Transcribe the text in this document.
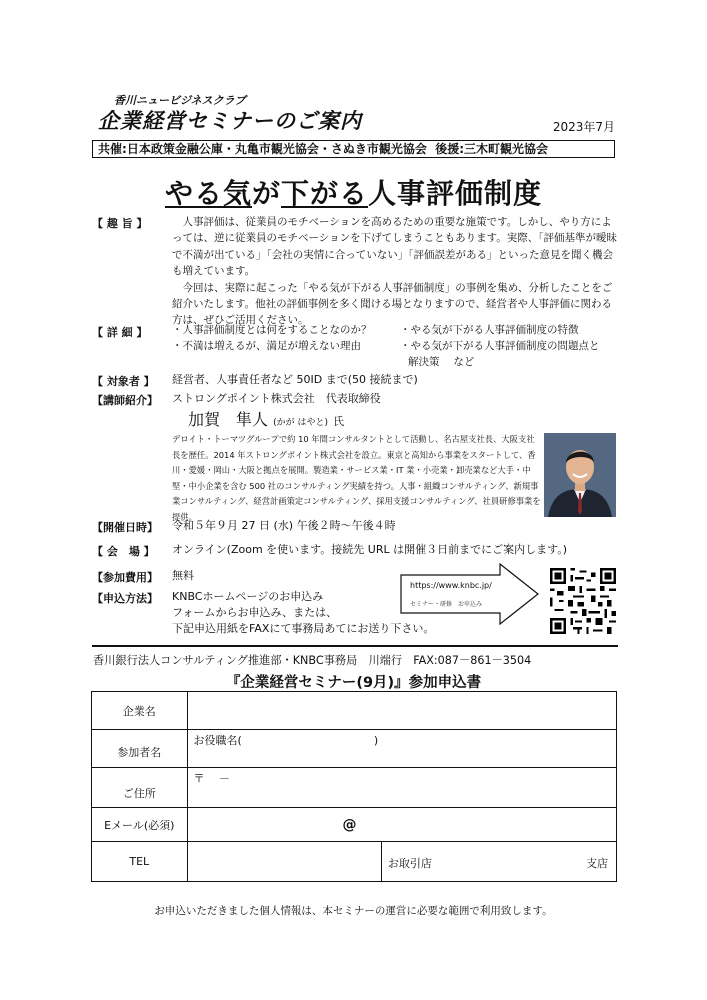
香川ニュービジネスクラブ
企業経営セミナーのご案内	2023年7月
共催:日本政策金融公庫・丸亀市観光協会・さぬき市観光協会 後援:三木町観光協会
やる気が下がる人事評価制度
【 趣 旨 】	人事評価は、従業員のモチベーションを高めるための重要な施策です。しかし、やり方によっては、逆に従業員のモチベーションを下げてしまうこともあります。実際、「評価基準が曖昧で不満が出ている」「会社の実情に合っていない」「評価誤差がある」といった意見を聞く機会も増えています。

今回は、実際に起こった「やる気が下がる人事評価制度」の事例を集め、分析したことをご紹介いたします。他社の評価事例を多く聞ける場となりますので、経営者や人事評価に関わる方は、ぜひご活用ください。

【 詳 細 】 ・人事評価制度とは何をすることなのか？
・不満は増えるが、満足が増えない理由
・やる気が下がる人事評価制度の特徴
・やる気が下がる人事評価制度の問題点と
解決策　 など
【 対象者 】 経営者、人事責任者など 50ID まで(50 接続まで)
【講師紹介】 ストロングポイント株式会社　代表取締役
加賀　隼人 (かが はやと) 氏
デロイト・トーマツグループで約 10 年間コンサルタントとして活動し、名古屋支社長、大阪支社長を歴任。2014 年ストロングポイント株式会社を設立。東京と高知から事業をスタートして、香川・愛媛・岡山・大阪と拠点を展開。製造業・サービス業・IT 業・小売業・卸売業など大手・中堅・中小企業を含む 500 社のコンサルティング実績を持つ。人事・組織コンサルティング、新規事業コンサルティング、経営計画策定コンサルティング、採用支援コンサルティング、社員研修事業を提供。
【開催日時】 令和５年９月 27 日 (水) 午後２時～午後４時
【 会　場 】 オンライン(Zoom を使います。接続先 URL は開催３日前までにご案内します。)
【参加費用】 無料
【申込方法】 KNBCホームページのお申込み
フォームからお申込み、または、
下記申込用紙をFAXにて事務局あてにお送り下さい。
https://www.knbc.jp/
セミナー・研修　お申込み
香川銀行法人コンサルティング推進部・KNBC事務局　川端行　FAX:087－861－3504
『企業経営セミナー(9月)』参加申込書
企業名		
参加者名	お役職名(　　　　　　　　　　　　)	
ご住所	〒　 －	
Eメール(必須)	@	
TEL		お取引店 支店
お申込いただきました個人情報は、本セミナーの運営に必要な範囲で利用致します。
